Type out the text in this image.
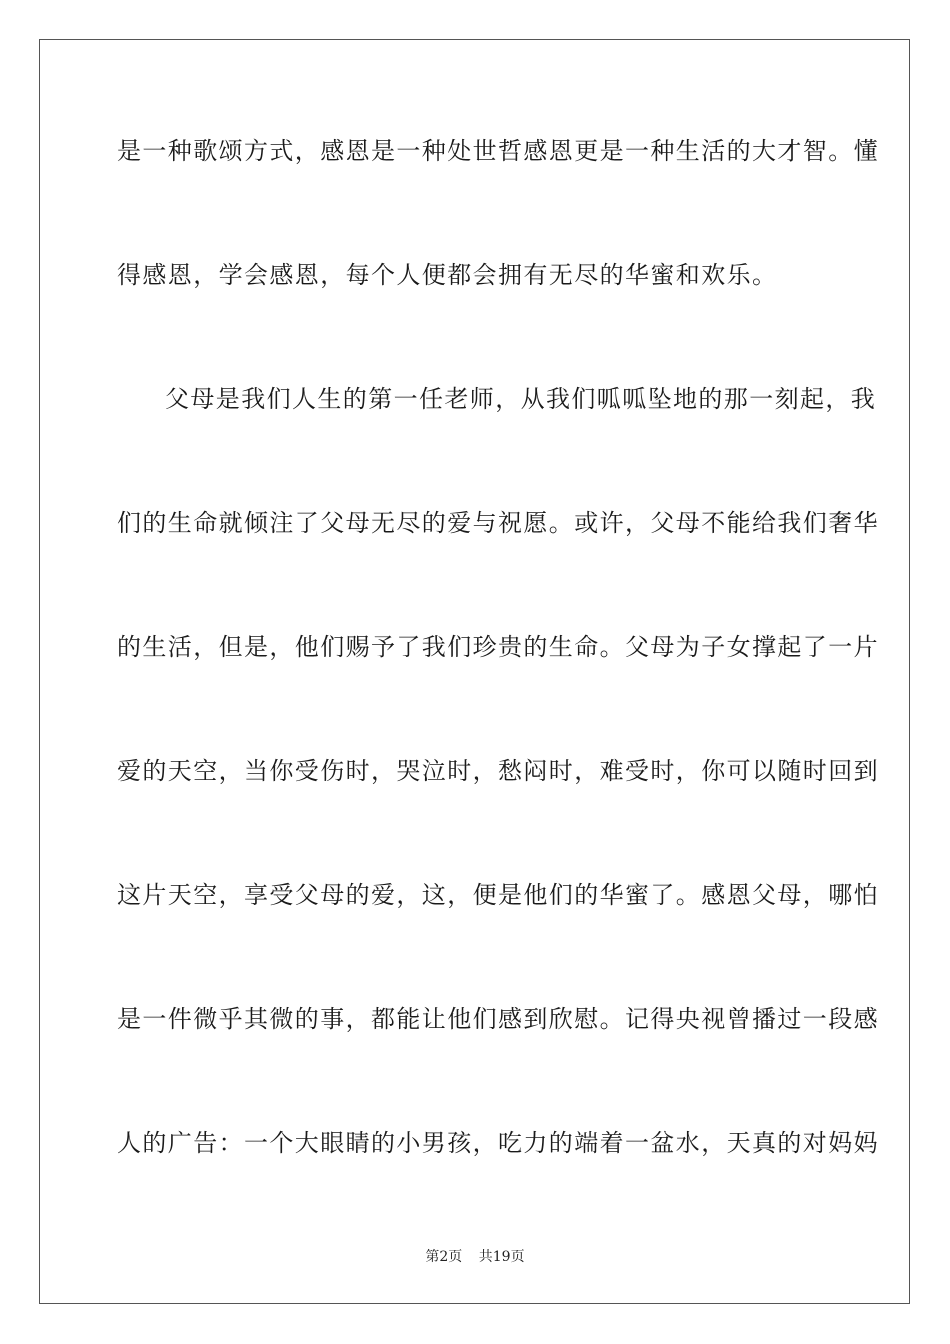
是一种歌颂方式，感恩是一种处世哲感恩更是一种生活的大才智。懂
得感恩，学会感恩，每个人便都会拥有无尽的华蜜和欢乐。
父母是我们人生的第一任老师，从我们呱呱坠地的那一刻起，我
们的生命就倾注了父母无尽的爱与祝愿。或许，父母不能给我们奢华
的生活，但是，他们赐予了我们珍贵的生命。父母为子女撑起了一片
爱的天空，当你受伤时，哭泣时，愁闷时，难受时，你可以随时回到
这片天空，享受父母的爱，这，便是他们的华蜜了。感恩父母，哪怕
是一件微乎其微的事，都能让他们感到欣慰。记得央视曾播过一段感
人的广告：一个大眼睛的小男孩，吃力的端着一盆水，天真的对妈妈
第2页 共19页
